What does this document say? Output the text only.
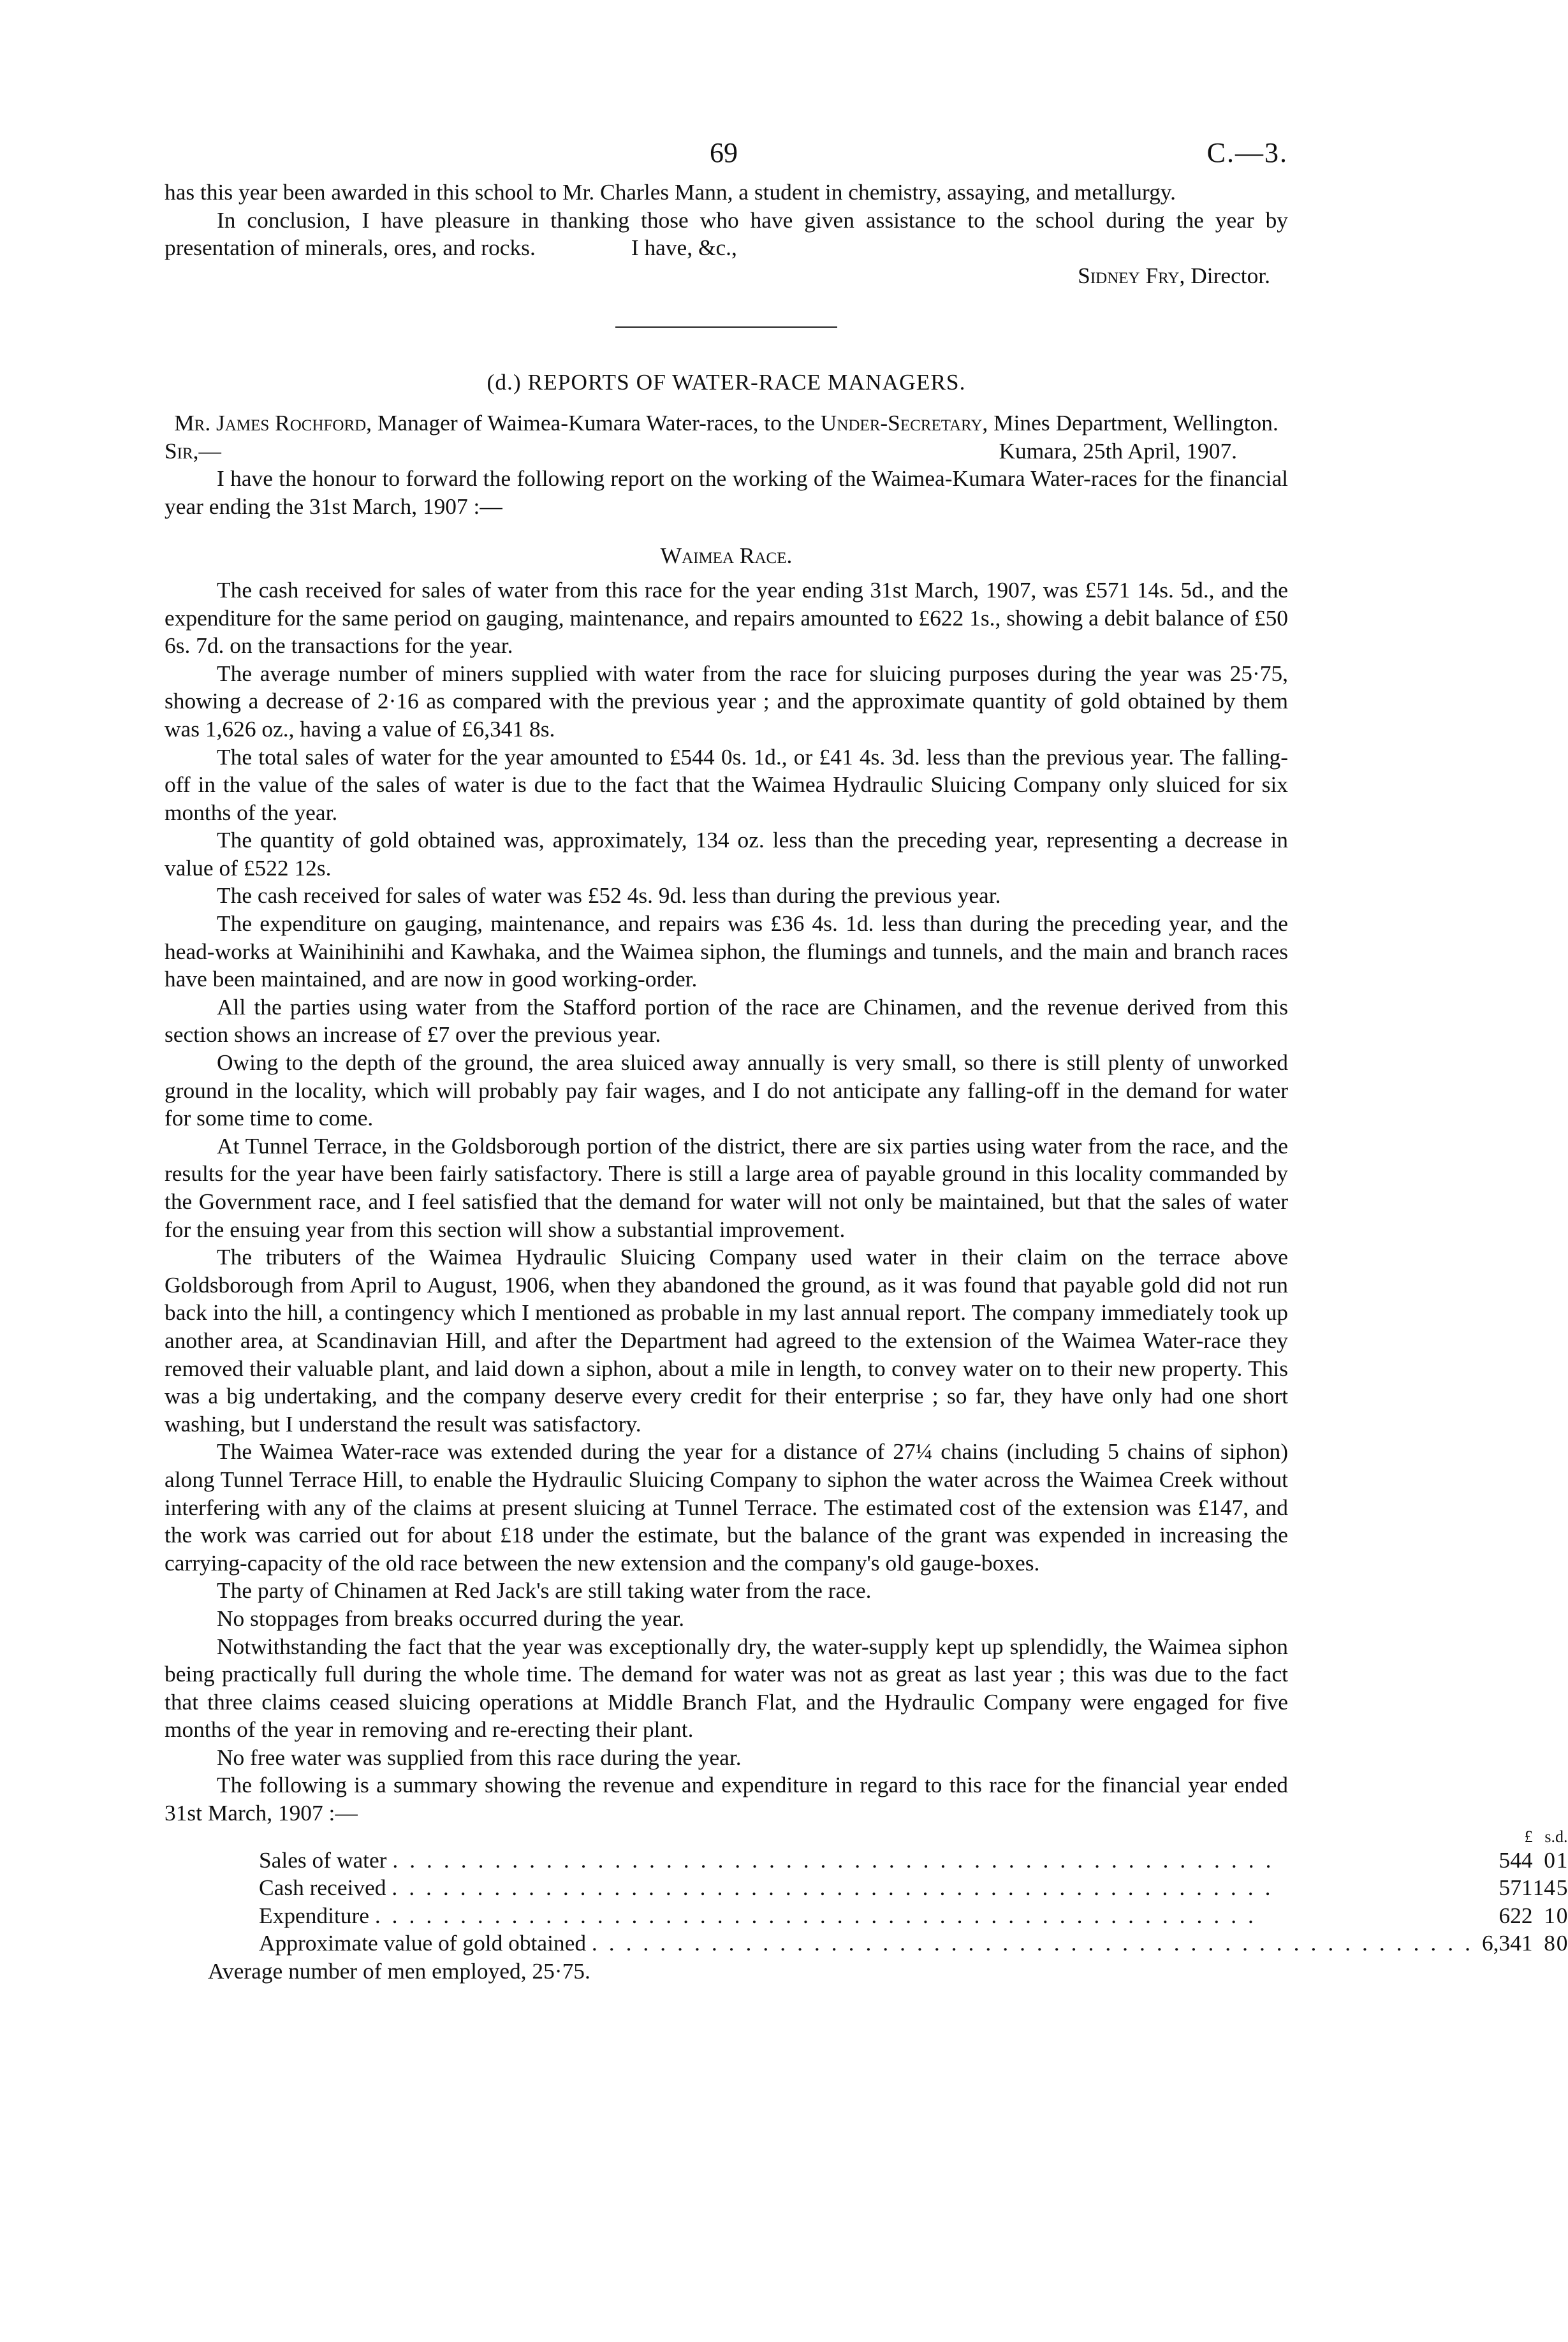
69	C.—3.

has this year been awarded in this school to Mr. Charles Mann, a student in chemistry, assaying, and metallurgy.

In conclusion, I have pleasure in thanking those who have given assistance to the school during the year by presentation of minerals, ores, and rocks.	I have, &c.,

Sidney Fry, Director.

(d.) REPORTS OF WATER-RACE MANAGERS.

Mr. James Rochford, Manager of Waimea-Kumara Water-races, to the Under-Secretary, Mines Department, Wellington.

Sir,—	Kumara, 25th April, 1907.

I have the honour to forward the following report on the working of the Waimea-Kumara Water-races for the financial year ending the 31st March, 1907 :—

Waimea Race.

The cash received for sales of water from this race for the year ending 31st March, 1907, was £571 14s. 5d., and the expenditure for the same period on gauging, maintenance, and repairs amounted to £622 1s., showing a debit balance of £50 6s. 7d. on the transactions for the year.

The average number of miners supplied with water from the race for sluicing purposes during the year was 25·75, showing a decrease of 2·16 as compared with the previous year ; and the approximate quantity of gold obtained by them was 1,626 oz., having a value of £6,341 8s.

The total sales of water for the year amounted to £544 0s. 1d., or £41 4s. 3d. less than the previous year. The falling-off in the value of the sales of water is due to the fact that the Waimea Hydraulic Sluicing Company only sluiced for six months of the year.

The quantity of gold obtained was, approximately, 134 oz. less than the preceding year, representing a decrease in value of £522 12s.

The cash received for sales of water was £52 4s. 9d. less than during the previous year.

The expenditure on gauging, maintenance, and repairs was £36 4s. 1d. less than during the preceding year, and the head-works at Wainihinihi and Kawhaka, and the Waimea siphon, the flumings and tunnels, and the main and branch races have been maintained, and are now in good working-order.

All the parties using water from the Stafford portion of the race are Chinamen, and the revenue derived from this section shows an increase of £7 over the previous year.

Owing to the depth of the ground, the area sluiced away annually is very small, so there is still plenty of unworked ground in the locality, which will probably pay fair wages, and I do not anticipate any falling-off in the demand for water for some time to come.

At Tunnel Terrace, in the Goldsborough portion of the district, there are six parties using water from the race, and the results for the year have been fairly satisfactory. There is still a large area of payable ground in this locality commanded by the Government race, and I feel satisfied that the demand for water will not only be maintained, but that the sales of water for the ensuing year from this section will show a substantial improvement.

The tributers of the Waimea Hydraulic Sluicing Company used water in their claim on the terrace above Goldsborough from April to August, 1906, when they abandoned the ground, as it was found that payable gold did not run back into the hill, a contingency which I mentioned as probable in my last annual report. The company immediately took up another area, at Scandinavian Hill, and after the Department had agreed to the extension of the Waimea Water-race they removed their valuable plant, and laid down a siphon, about a mile in length, to convey water on to their new property. This was a big undertaking, and the company deserve every credit for their enterprise ; so far, they have only had one short washing, but I understand the result was satisfactory.

The Waimea Water-race was extended during the year for a distance of 27¼ chains (including 5 chains of siphon) along Tunnel Terrace Hill, to enable the Hydraulic Sluicing Company to siphon the water across the Waimea Creek without interfering with any of the claims at present sluicing at Tunnel Terrace. The estimated cost of the extension was £147, and the work was carried out for about £18 under the estimate, but the balance of the grant was expended in increasing the carrying-capacity of the old race between the new extension and the company's old gauge-boxes.

The party of Chinamen at Red Jack's are still taking water from the race.

No stoppages from breaks occurred during the year.

Notwithstanding the fact that the year was exceptionally dry, the water-supply kept up splendidly, the Waimea siphon being practically full during the whole time. The demand for water was not as great as last year ; this was due to the fact that three claims ceased sluicing operations at Middle Branch Flat, and the Hydraulic Company were engaged for five months of the year in removing and re-erecting their plant.

No free water was supplied from this race during the year.

The following is a summary showing the revenue and expenditure in regard to this race for the financial year ended 31st March, 1907 :—

	£	s.	d.
Sales of water ....................................................	544	0	1
Cash received ....................................................	571	14	5
Expenditure ....................................................	622	1	0
Approximate value of gold obtained ....................................................	6,341	8	0

Average number of men employed, 25·75.
